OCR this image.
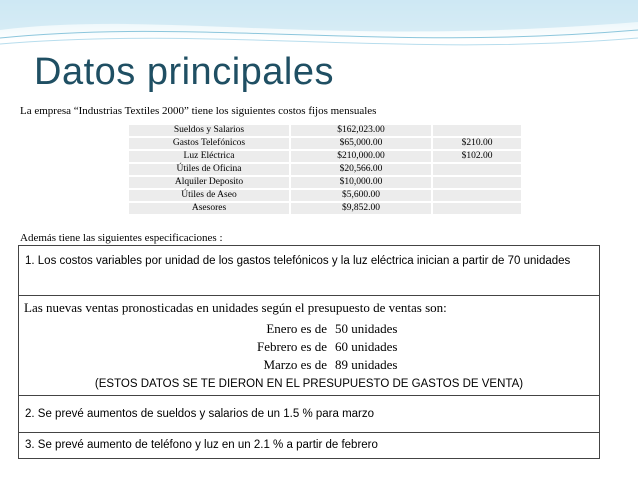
Datos principales
La empresa “Industrias Textiles 2000” tiene los siguientes costos fijos mensuales
Sueldos y Salarios	$162,023.00	
Gastos Telefónicos	$65,000.00	$210.00
Luz Eléctrica	$210,000.00	$102.00
Útiles de Oficina	$20,566.00	
Alquiler Deposito	$10,000.00	
Útiles de Aseo	$5,600.00	
Asesores	$9,852.00	
Además tiene las siguientes especificaciones :
1. Los costos variables por unidad de los gastos telefónicos y la luz eléctrica inician a partir de 70 unidades
Las nuevas ventas pronosticadas en unidades según el presupuesto de ventas son:
Enero es de 50 unidades
Febrero es de 60 unidades
Marzo es de 89 unidades
(ESTOS DATOS SE TE DIERON EN EL PRESUPUESTO DE GASTOS DE VENTA)
2. Se prevé aumentos de sueldos y salarios de un 1.5 % para marzo
3. Se prevé aumento de teléfono y luz en un 2.1 % a partir de febrero
